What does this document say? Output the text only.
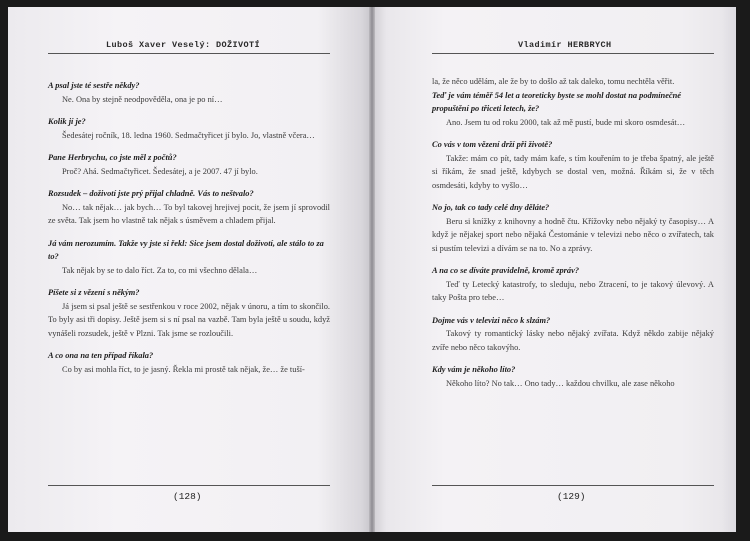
Luboš Xaver Veselý: DOŽIVOTÍ

A psal jste té sestře někdy?

Ne. Ona by stejně neodpověděla, ona je po ní…

Kolik jí je?

Šedesátej ročník, 18. ledna 1960. Sedmačtyřicet jí bylo. Jo, vlastně včera…

Pane Herbrychu, co jste měl z počtů?

Proč? Ahá. Sedmačtyřicet. Šedesátej, a je 2007. 47 jí bylo.

Rozsudek – doživotí jste prý přijal chladně. Vás to neštvalo?

No… tak nějak… jak bych… To byl takovej hrejivej pocit, že jsem jí sprovodil ze světa. Tak jsem ho vlastně tak nějak s úsměvem a chladem přijal.

Já vám nerozumím. Takže vy jste si řekl: Sice jsem dostal doživotí, ale stálo to za to?

Tak nějak by se to dalo říct. Za to, co mi všechno dělala…

Píšete si z vězení s někým?

Já jsem si psal ještě se sestřenkou v roce 2002, nějak v únoru, a tím to skončilo. To byly asi tři dopisy. Ještě jsem si s ní psal na vazbě. Tam byla ještě u soudu, když vynášeli rozsudek, ještě v Plzni. Tak jsme se rozloučili.

A co ona na ten případ říkala?

Co by asi mohla říct, to je jasný. Řekla mi prostě tak nějak, že… že tuší-

(128)
Vladimír HERBRYCH

la, že něco udělám, ale že by to došlo až tak daleko, tomu nechtěla věřit.

Teď je vám téměř 54 let a teoreticky byste se mohl dostat na podmínečné propuštění po třiceti letech, že?

Ano. Jsem tu od roku 2000, tak až mě pustí, bude mi skoro osmdesát…

Co vás v tom vězení drží při životě?

Takže: mám co pít, tady mám kafe, s tím kouřením to je třeba špatný, ale ještě si říkám, že snad ještě, kdybych se dostal ven, možná. Říkám si, že v těch osmdesáti, kdyby to vyšlo…

No jo, tak co tady celé dny děláte?

Beru si knížky z knihovny a hodně čtu. Křížovky nebo nějaký ty časopisy… A když je nějakej sport nebo nějaká Čestománie v televizi nebo něco o zvířatech, tak si pustím televizi a dívám se na to. No a zprávy.

A na co se díváte pravidelně, kromě zpráv?

Teď ty Letecký katastrofy, to sleduju, nebo Ztracení, to je takový úlevový. A taky Pošta pro tebe…

Dojme vás v televizi něco k slzám?

Takový ty romantický lásky nebo nějaký zvířata. Když někdo zabije nějaký zvíře nebo něco takovýho.

Kdy vám je někoho líto?

Někoho líto? No tak… Ono tady… každou chvilku, ale zase někoho

(129)
